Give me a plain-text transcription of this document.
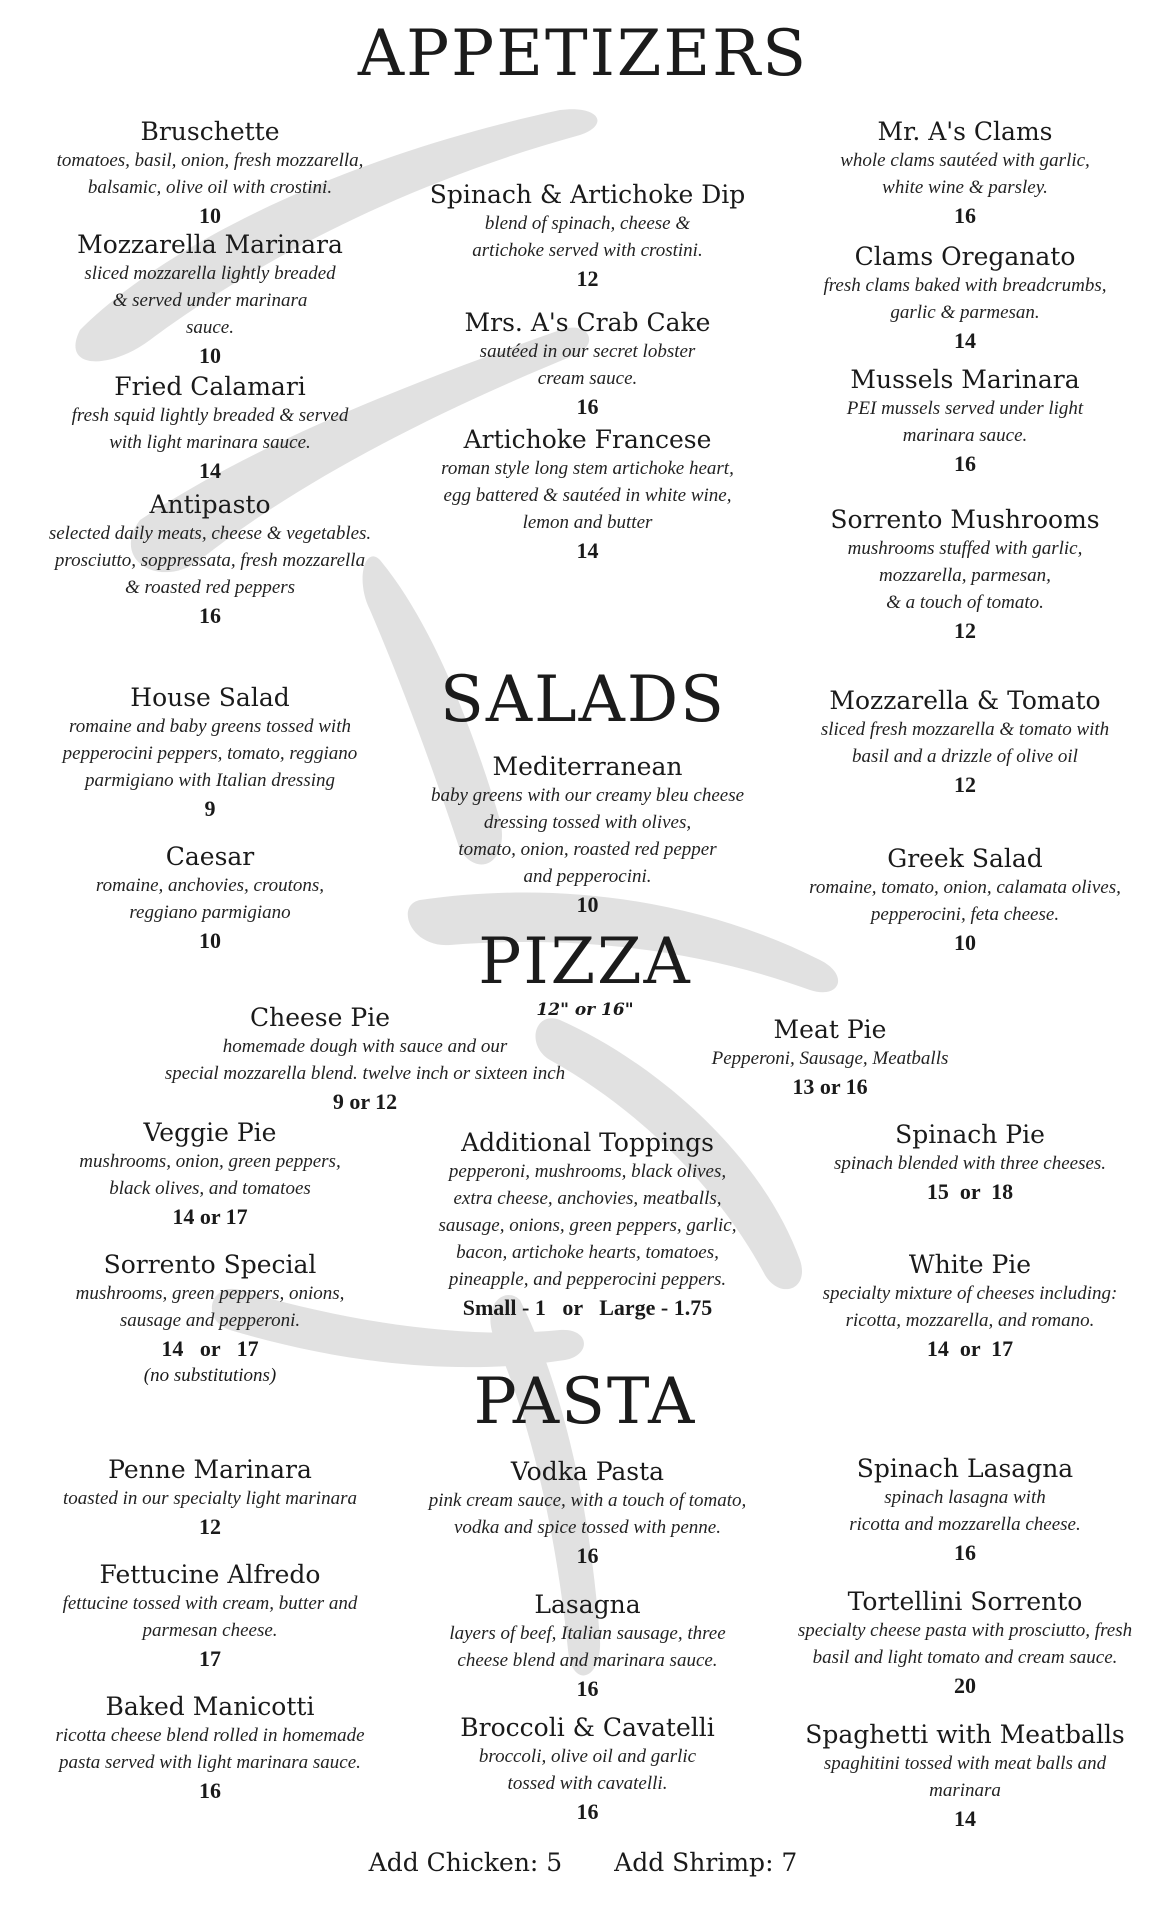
APPETIZERS
Bruschette
tomatoes, basil, onion, fresh mozzarella,
balsamic, olive oil with crostini.
10
Mozzarella Marinara
sliced mozzarella lightly breaded
& served under marinara
sauce.
10
Fried Calamari
fresh squid lightly breaded & served
with light marinara sauce.
14
Antipasto
selected daily meats, cheese & vegetables.
prosciutto, soppressata, fresh mozzarella
& roasted red peppers
16
Spinach & Artichoke Dip
blend of spinach, cheese &
artichoke served with crostini.
12
Mrs. A's Crab Cake
sautéed in our secret lobster
cream sauce.
16
Artichoke Francese
roman style long stem artichoke heart,
egg battered & sautéed in white wine,
lemon and butter
14
Mr. A's Clams
whole clams sautéed with garlic,
white wine & parsley.
16
Clams Oreganato
fresh clams baked with breadcrumbs,
garlic & parmesan.
14
Mussels Marinara
PEI mussels served under light
marinara sauce.
16
Sorrento Mushrooms
mushrooms stuffed with garlic,
mozzarella, parmesan,
& a touch of tomato.
12
SALADS
House Salad
romaine and baby greens tossed with
pepperocini peppers, tomato, reggiano
parmigiano with Italian dressing
9
Caesar
romaine, anchovies, croutons,
reggiano parmigiano
10
Mediterranean
baby greens with our creamy bleu cheese
dressing tossed with olives,
tomato, onion, roasted red pepper
and pepperocini.
10
Mozzarella & Tomato
sliced fresh mozzarella & tomato with
basil and a drizzle of olive oil
12
Greek Salad
romaine, tomato, onion, calamata olives,
pepperocini, feta cheese.
10
PIZZA
12" or 16"
Cheese Pie
homemade dough with sauce and our
special mozzarella blend. twelve inch or sixteen inch
9 or 12
Meat Pie
Pepperoni, Sausage, Meatballs
13 or 16
Veggie Pie
mushrooms, onion, green peppers,
black olives, and tomatoes
14 or 17
Additional Toppings
pepperoni, mushrooms, black olives,
extra cheese, anchovies, meatballs,
sausage, onions, green peppers, garlic,
bacon, artichoke hearts, tomatoes,
pineapple, and pepperocini peppers.
Small - 1   or   Large - 1.75
Spinach Pie
spinach blended with three cheeses.
15  or  18
Sorrento Special
mushrooms, green peppers, onions,
sausage and pepperoni.
14   or   17
(no substitutions)
White Pie
specialty mixture of cheeses including:
ricotta, mozzarella, and romano.
14  or  17
PASTA
Penne Marinara
toasted in our specialty light marinara
12
Fettucine Alfredo
fettucine tossed with cream, butter and
parmesan cheese.
17
Baked Manicotti
ricotta cheese blend rolled in homemade
pasta served with light marinara sauce.
16
Vodka Pasta
pink cream sauce, with a touch of tomato,
vodka and spice tossed with penne.
16
Lasagna
layers of beef, Italian sausage, three
cheese blend and marinara sauce.
16
Broccoli & Cavatelli
broccoli, olive oil and garlic
tossed with cavatelli.
16
Spinach Lasagna
spinach lasagna with
ricotta and mozzarella cheese.
16
Tortellini Sorrento
specialty cheese pasta with prosciutto, fresh
basil and light tomato and cream sauce.
20
Spaghetti with Meatballs
spaghitini tossed with meat balls and
marinara
14
Add Chicken: 5 Add Shrimp: 7
